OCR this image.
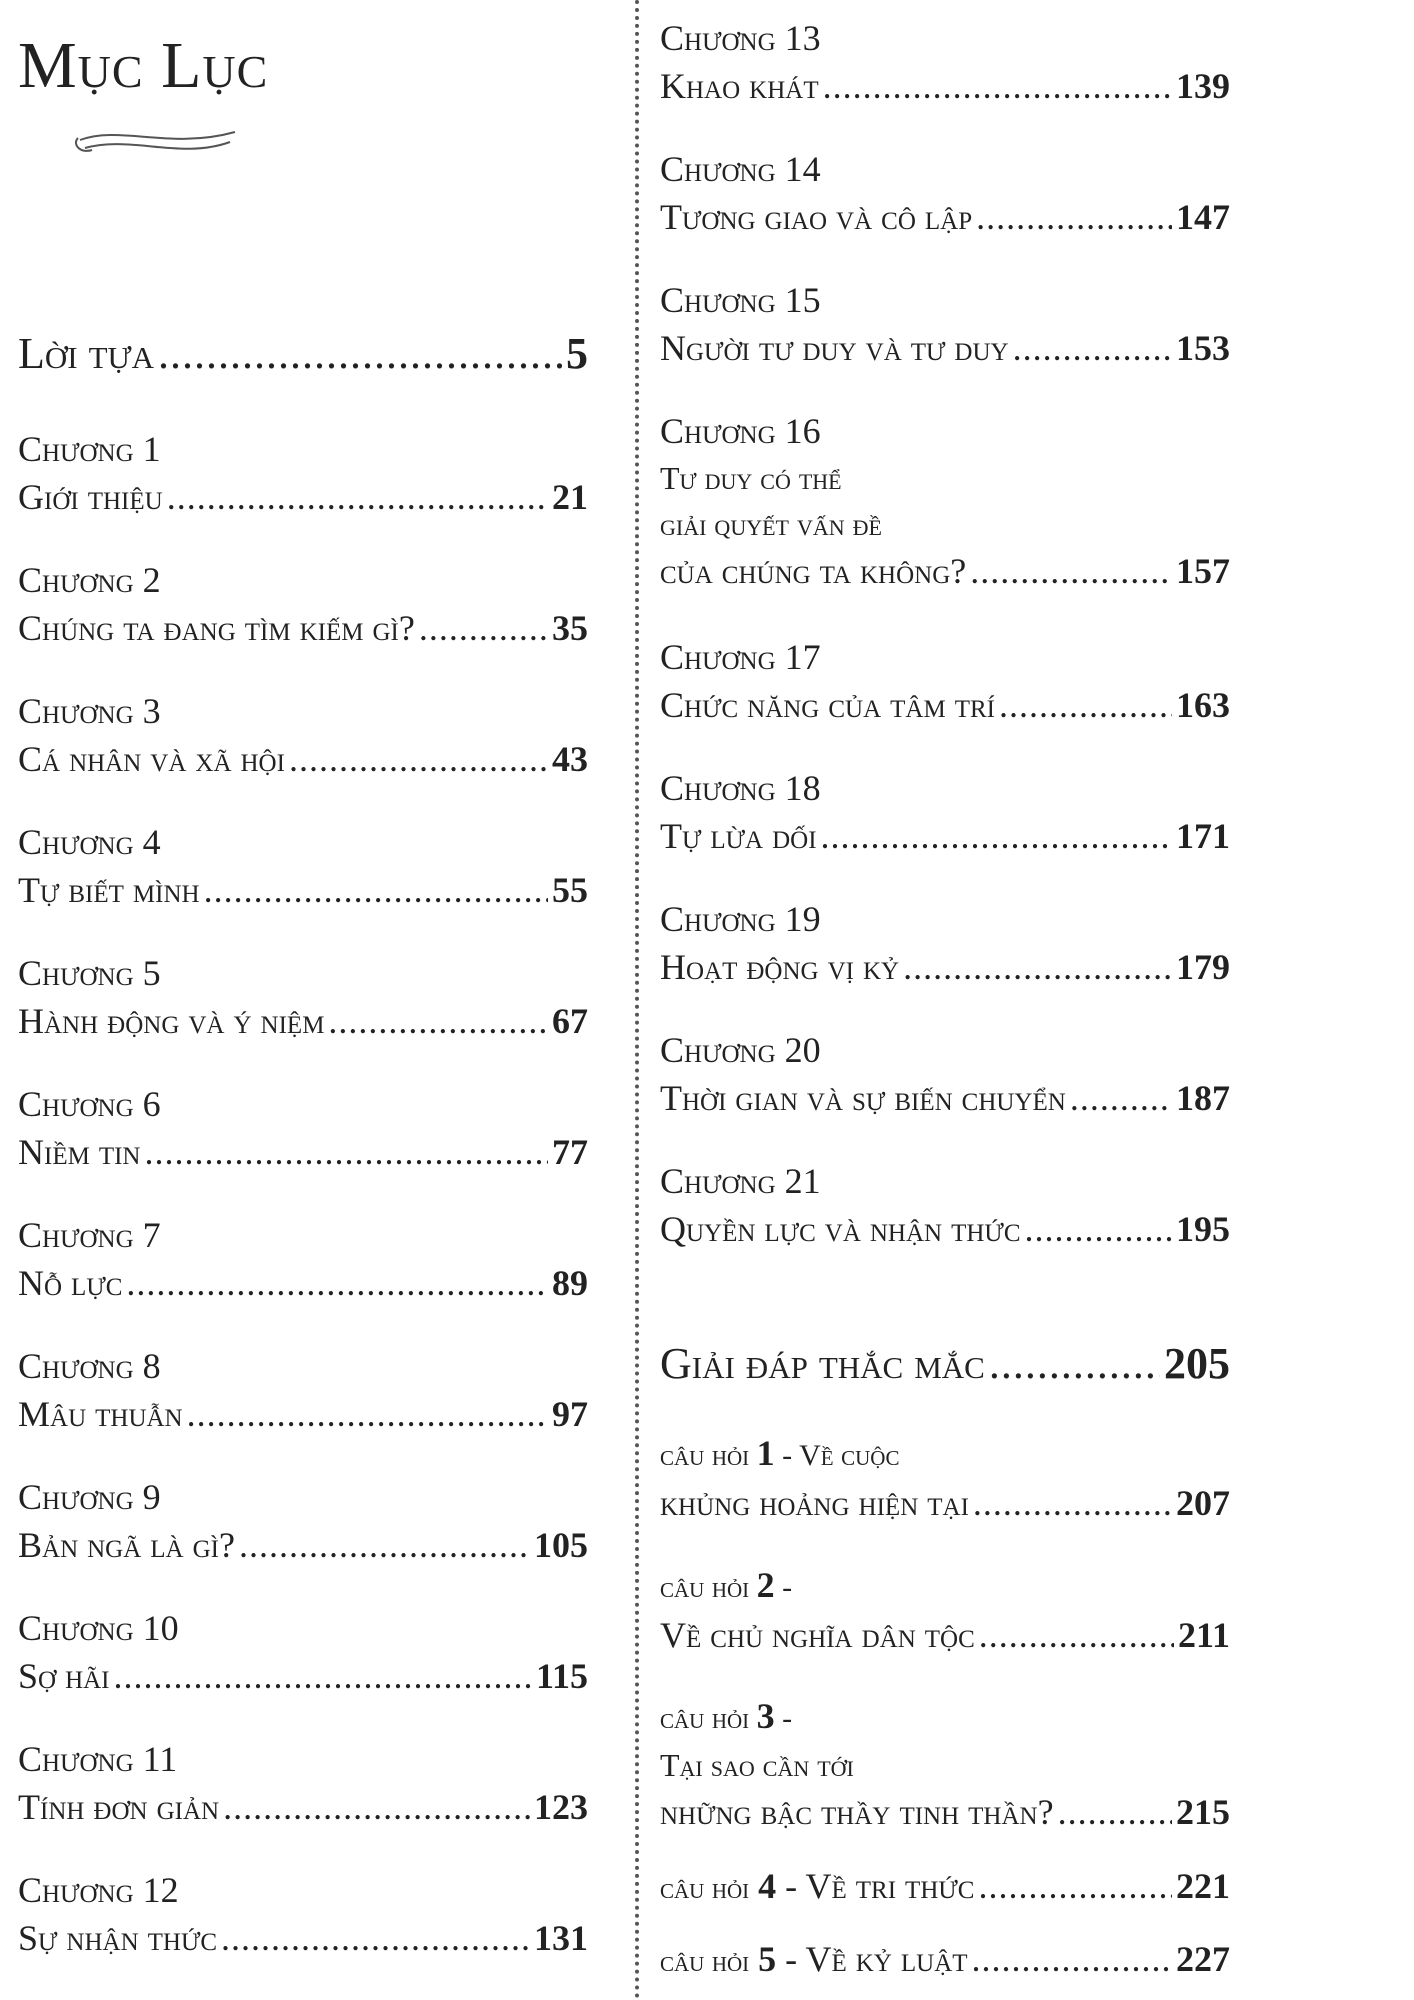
Mục Lục
Lời tựa .....	5
Chương 1
Giới thiệu .....	21
Chương 2
Chúng ta đang tìm kiếm gì? .....	35
Chương 3
Cá nhân và xã hội .....	43
Chương 4
Tự biết mình .....	55
Chương 5
Hành động và ý niệm .....	67
Chương 6
Niềm tin .....	77
Chương 7
Nỗ lực .....	89
Chương 8
Mâu thuẫn .....	97
Chương 9
Bản ngã là gì? .....	105
Chương 10
Sợ hãi .....	115
Chương 11
Tính đơn giản .....	123
Chương 12
Sự nhận thức .....	131
Chương 13
Khao khát .....	139
Chương 14
Tương giao và cô lập .....	147
Chương 15
Người tư duy và tư duy .....	153
Chương 16
Tư duy có thể
giải quyết vấn đề
của chúng ta không? .....	157
Chương 17
Chức năng của tâm trí .....	163
Chương 18
Tự lừa dối .....	171
Chương 19
Hoạt động vị kỷ .....	179
Chương 20
Thời gian và sự biến chuyển .....	187
Chương 21
Quyền lực và nhận thức .....	195
Giải đáp thắc mắc .....	205
câu hỏi 1 - Về cuộc
khủng hoảng hiện tại .....	207
câu hỏi 2 -
Về chủ nghĩa dân tộc .....	211
câu hỏi 3 -
Tại sao cần tới
những bậc thầy tinh thần? .....	215
câu hỏi
4
- Về tri thức .....	221
câu hỏi
5
- Về kỷ luật .....	227
